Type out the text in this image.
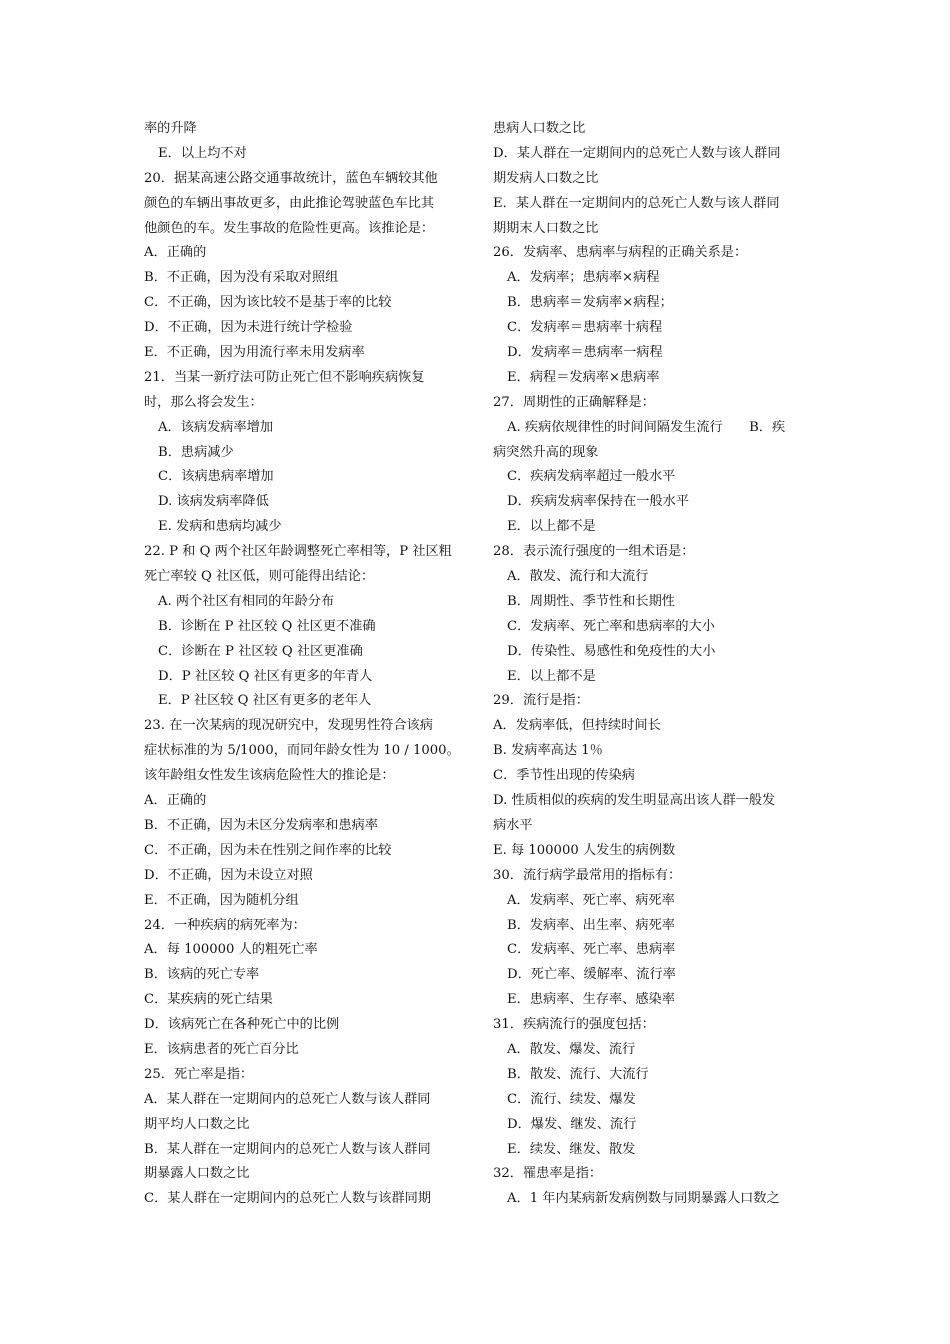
率的升降
E．以上均不对
20．据某高速公路交通事故统计，蓝色车辆较其他
颜色的车辆出事故更多，由此推论驾驶蓝色车比其
他颜色的车。发生事故的危险性更高。该推论是：
A．正确的
B．不正确，因为没有采取对照组
C．不正确，因为该比较不是基于率的比较
D．不正确，因为未进行统计学检验
E．不正确，因为用流行率未用发病率
21．当某一新疗法可防止死亡但不影响疾病恢复
时，那么将会发生：
A．该病发病率增加
B．患病减少
C．该病患病率增加
D. 该病发病率降低
E. 发病和患病均减少
22. P 和 Q 两个社区年龄调整死亡率相等，P 社区粗
死亡率较 Q 社区低，则可能得出结论：
A. 两个社区有相同的年龄分布
B．诊断在 P 社区较 Q 社区更不准确
C．诊断在 P 社区较 Q 社区更准确
D．P 社区较 Q 社区有更多的年青人
E．P 社区较 Q 社区有更多的老年人
23. 在一次某病的现况研究中，发现男性符合该病
症状标准的为 5/1000，而同年龄女性为 10 / 1000。
该年龄组女性发生该病危险性大的推论是：
A．正确的
B．不正确，因为未区分发病率和患病率
C．不正确，因为未在性别之间作率的比较
D．不正确，因为未设立对照
E．不正确，因为随机分组
24．一种疾病的病死率为：
A．每 100000 人的粗死亡率
B．该病的死亡专率
C．某疾病的死亡结果
D．该病死亡在各种死亡中的比例
E．该病患者的死亡百分比
25．死亡率是指：
A．某人群在一定期间内的总死亡人数与该人群同
期平均人口数之比
B．某人群在一定期间内的总死亡人数与该人群同
期暴露人口数之比
C．某人群在一定期间内的总死亡人数与该群同期
患病人口数之比
D．某人群在一定期间内的总死亡人数与该人群同
期发病人口数之比
E．某人群在一定期间内的总死亡人数与该人群同
期期末人口数之比
26．发病率、患病率与病程的正确关系是：
A．发病率；患病率×病程
B．患病率＝发病率×病程；
C．发病率＝患病率十病程
D．发病率＝患病率一病程
E．病程＝发病率×患病率
27．周期性的正确解释是：
A. 疾病依规律性的时间间隔发生流行　　B．疾
病突然升高的现象
C．疾病发病率超过一般水平
D．疾病发病率保持在一般水平
E．以上都不是
28．表示流行强度的一组术语是：
A．散发、流行和大流行
B．周期性、季节性和长期性
C．发病率、死亡率和患病率的大小
D．传染性、易感性和免疫性的大小
E．以上都不是
29．流行是指：
A．发病率低，但持续时间长
B. 发病率高达 1％
C．季节性出现的传染病
D. 性质相似的疾病的发生明显高出该人群一般发
病水平
E. 每 100000 人发生的病例数
30．流行病学最常用的指标有：
A．发病率、死亡率、病死率
B．发病率、出生率、病死率
C．发病率、死亡率、患病率
D．死亡率、缓解率、流行率
E．患病率、生存率、感染率
31．疾病流行的强度包括：
A．散发、爆发、流行
B．散发、流行、大流行
C．流行、续发、爆发
D．爆发、继发、流行
E．续发、继发、散发
32．罹患率是指：
A．1 年内某病新发病例数与同期暴露人口数之
